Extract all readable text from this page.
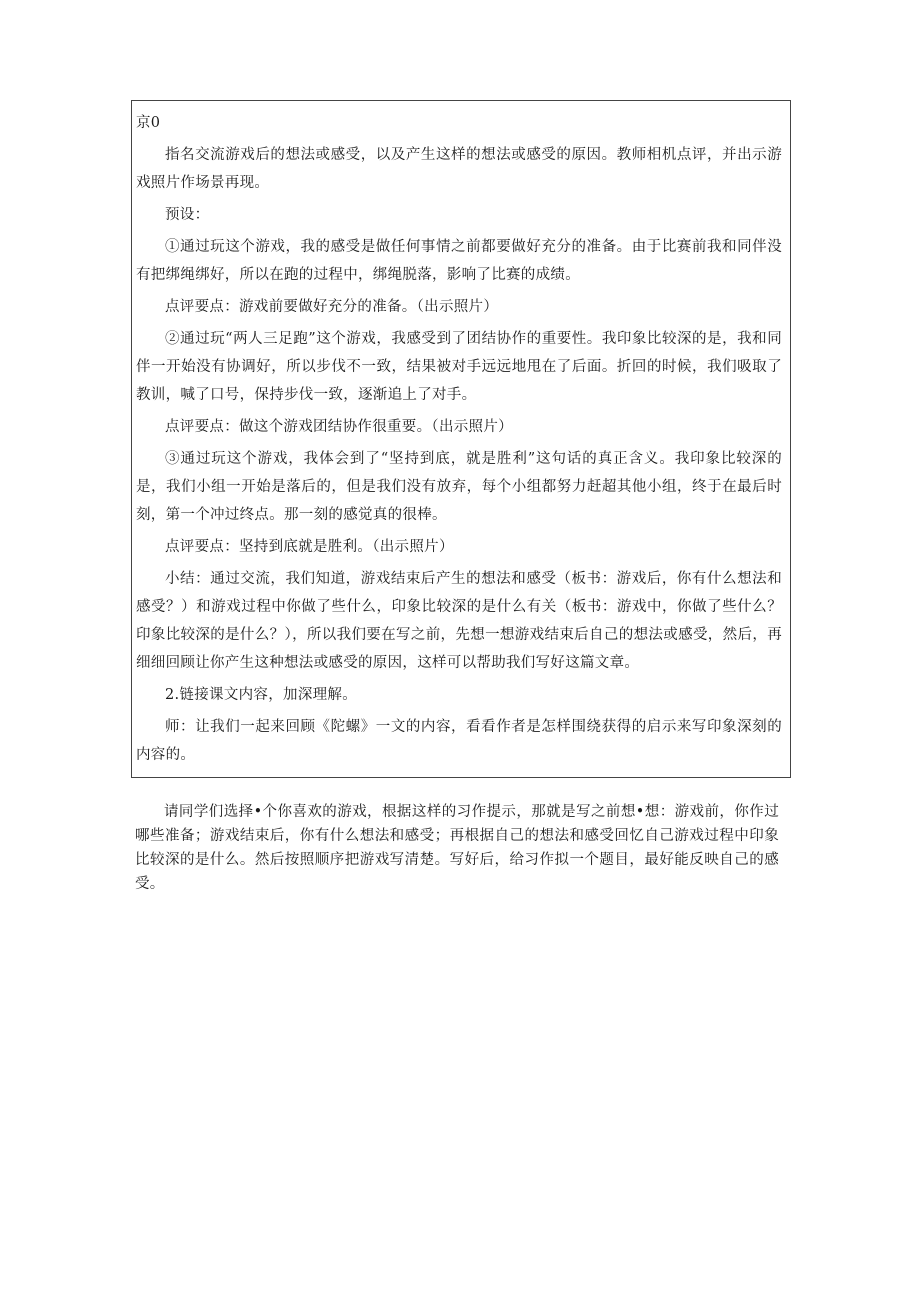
京0

指名交流游戏后的想法或感受，以及产生这样的想法或感受的原因。教师相机点评，并出示游戏照片作场景再现。

预设：

①通过玩这个游戏，我的感受是做任何事情之前都要做好充分的准备。由于比赛前我和同伴没有把绑绳绑好，所以在跑的过程中，绑绳脱落，影响了比赛的成绩。

点评要点：游戏前要做好充分的准备。（出示照片）

②通过玩“两人三足跑”这个游戏，我感受到了团结协作的重要性。我印象比较深的是，我和同伴一开始没有协调好，所以步伐不一致，结果被对手远远地甩在了后面。折回的时候，我们吸取了教训，喊了口号，保持步伐一致，逐渐追上了对手。

点评要点：做这个游戏团结协作很重要。（出示照片）

③通过玩这个游戏，我体会到了“坚持到底，就是胜利”这句话的真正含义。我印象比较深的是，我们小组一开始是落后的，但是我们没有放弃，每个小组都努力赶超其他小组，终于在最后时刻，第一个冲过终点。那一刻的感觉真的很棒。

点评要点：坚持到底就是胜利。（出示照片）

小结：通过交流，我们知道，游戏结束后产生的想法和感受（板书：游戏后，你有什么想法和感受？）和游戏过程中你做了些什么，印象比较深的是什么有关（板书：游戏中，你做了些什么？印象比较深的是什么？），所以我们要在写之前，先想一想游戏结束后自己的想法或感受，然后，再细细回顾让你产生这种想法或感受的原因，这样可以帮助我们写好这篇文章。

2.链接课文内容，加深理解。

师：让我们一起来回顾《陀螺》一文的内容，看看作者是怎样围绕获得的启示来写印象深刻的内容的。

请同学们选择•个你喜欢的游戏，根据这样的习作提示，那就是写之前想•想：游戏前，你作过哪些准备；游戏结束后，你有什么想法和感受；再根据自己的想法和感受回忆自己游戏过程中印象比较深的是什么。然后按照顺序把游戏写清楚。写好后，给习作拟一个题目，最好能反映自己的感受。
